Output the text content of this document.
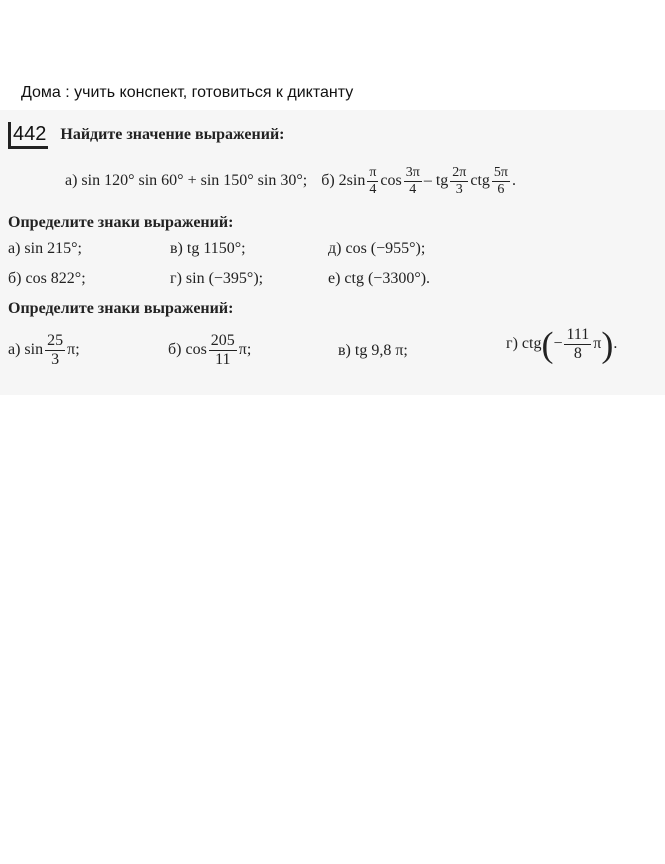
Дома : учить конспект, готовиться к диктанту
442 Найдите значение выражений:
а) sin 120° sin 60° + sin 150° sin 30°; б) $2\sin \frac{\pi}{4}$ $\cos \frac{3\pi}{4}$ – tg $\frac{2\pi}{3}$ ctg $\frac{5\pi}{6}$ .
Определите знаки выражений:
а) sin 215°;	в) tg 1150°;	д) cos (−955°);
б) cos 822°;	г) sin (−395°);	е) ctg (−3300°).
Определите знаки выражений:
а) $\sin \frac{25}{3} \pi$;	б) $\cos \frac{205}{11} \pi$;	в) tg 9,8 π;	г) $ctg(- \frac{111}{8} \pi)$.
